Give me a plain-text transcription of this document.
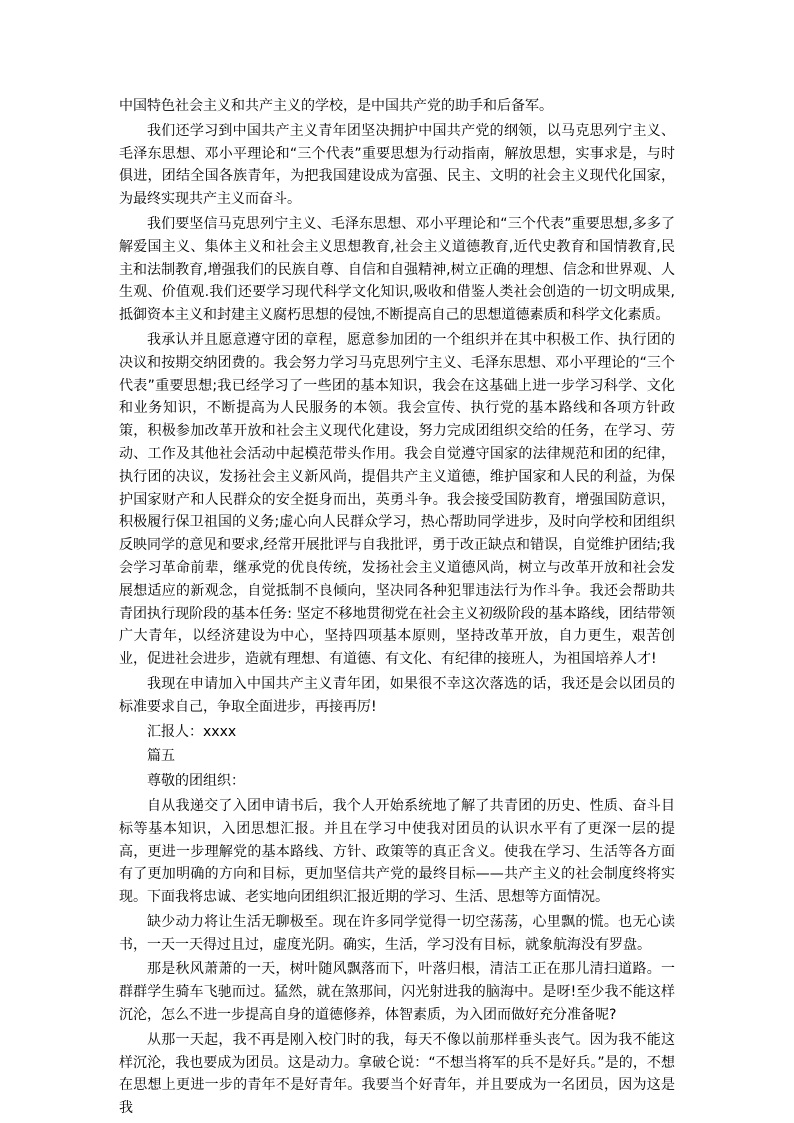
中国特色社会主义和共产主义的学校，是中国共产党的助手和后备军。

我们还学习到中国共产主义青年团坚决拥护中国共产党的纲领，以马克思列宁主义、毛泽东思想、邓小平理论和“三个代表”重要思想为行动指南，解放思想，实事求是，与时俱进，团结全国各族青年，为把我国建设成为富强、民主、文明的社会主义现代化国家，为最终实现共产主义而奋斗。

我们要坚信马克思列宁主义、毛泽东思想、邓小平理论和“三个代表”重要思想,多多了解爱国主义、集体主义和社会主义思想教育,社会主义道德教育,近代史教育和国情教育,民主和法制教育,增强我们的民族自尊、自信和自强精神,树立正确的理想、信念和世界观、人生观、价值观.我们还要学习现代科学文化知识,吸收和借鉴人类社会创造的一切文明成果,抵御资本主义和封建主义腐朽思想的侵蚀,不断提高自己的思想道德素质和科学文化素质。

我承认并且愿意遵守团的章程，愿意参加团的一个组织并在其中积极工作、执行团的决议和按期交纳团费的。我会努力学习马克思列宁主义、毛泽东思想、邓小平理论的“三个代表”重要思想;我已经学习了一些团的基本知识，我会在这基础上进一步学习科学、文化和业务知识，不断提高为人民服务的本领。我会宣传、执行党的基本路线和各项方针政策，积极参加改革开放和社会主义现代化建设，努力完成团组织交给的任务，在学习、劳动、工作及其他社会活动中起模范带头作用。我会自觉遵守国家的法律规范和团的纪律，执行团的决议，发扬社会主义新风尚，提倡共产主义道德，维护国家和人民的利益，为保护国家财产和人民群众的安全挺身而出，英勇斗争。我会接受国防教育，增强国防意识，积极履行保卫祖国的义务;虚心向人民群众学习，热心帮助同学进步，及时向学校和团组织反映同学的意见和要求,经常开展批评与自我批评，勇于改正缺点和错误，自觉维护团结;我会学习革命前辈，继承党的优良传统，发扬社会主义道德风尚，树立与改革开放和社会发展想适应的新观念，自觉抵制不良倾向，坚决同各种犯罪违法行为作斗争。我还会帮助共青团执行现阶段的基本任务: 坚定不移地贯彻党在社会主义初级阶段的基本路线，团结带领广大青年，以经济建设为中心，坚持四项基本原则，坚持改革开放，自力更生，艰苦创业，促进社会进步，造就有理想、有道德、有文化、有纪律的接班人，为祖国培养人才!

我现在申请加入中国共产主义青年团，如果很不幸这次落选的话，我还是会以团员的标准要求自己，争取全面进步，再接再厉!

汇报人：xxxx

篇五

尊敬的团组织：

自从我递交了入团申请书后，我个人开始系统地了解了共青团的历史、性质、奋斗目标等基本知识，入团思想汇报。并且在学习中使我对团员的认识水平有了更深一层的提高，更进一步理解党的基本路线、方针、政策等的真正含义。使我在学习、生活等各方面有了更加明确的方向和目标，更加坚信共产党的最终目标——共产主义的社会制度终将实现。下面我将忠诚、老实地向团组织汇报近期的学习、生活、思想等方面情况。

缺少动力将让生活无聊极至。现在许多同学觉得一切空荡荡，心里飘的慌。也无心读书，一天一天得过且过，虚度光阴。确实，生活，学习没有目标，就象航海没有罗盘。

那是秋风萧萧的一天，树叶随风飘落而下，叶落归根，清洁工正在那儿清扫道路。一群群学生骑车飞驰而过。猛然，就在煞那间，闪光射进我的脑海中。是呀!至少我不能这样沉沦，怎么不进一步提高自身的道德修养，体智素质，为入团而做好充分准备呢?

从那一天起，我不再是刚入校门时的我，每天不像以前那样垂头丧气。因为我不能这样沉沦，我也要成为团员。这是动力。拿破仑说：“不想当将军的兵不是好兵。”是的，不想在思想上更进一步的青年不是好青年。我要当个好青年，并且要成为一名团员，因为这是我
